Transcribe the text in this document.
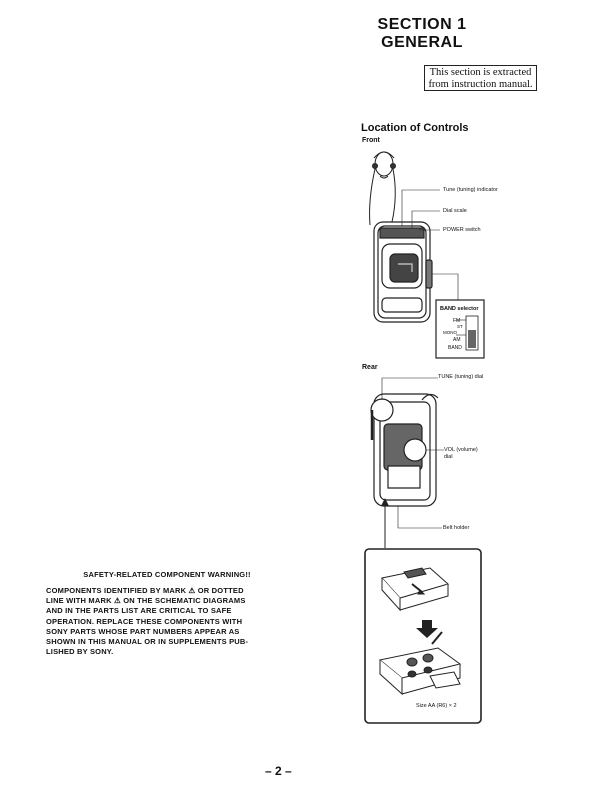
SECTION 1
GENERAL
This section is extracted
from instruction manual.
Location of Controls
Front
Tune (tuning) indicator
Dial scale
POWER switch
BAND selector
FM
ST
MONO
AM
BAND
Rear
TUNE (tuning) dial
VOL (volume)
dial
Belt holder
Size AA (R6) × 2
SAFETY-RELATED COMPONENT WARNING!!
COMPONENTS IDENTIFIED BY MARK ⚠ OR DOTTED
LINE WITH MARK ⚠ ON THE SCHEMATIC DIAGRAMS
AND IN THE PARTS LIST ARE CRITICAL TO SAFE
OPERATION. REPLACE THESE COMPONENTS WITH
SONY PARTS WHOSE PART NUMBERS APPEAR AS
SHOWN IN THIS MANUAL OR IN SUPPLEMENTS PUB-
LISHED BY SONY.
– 2 –
